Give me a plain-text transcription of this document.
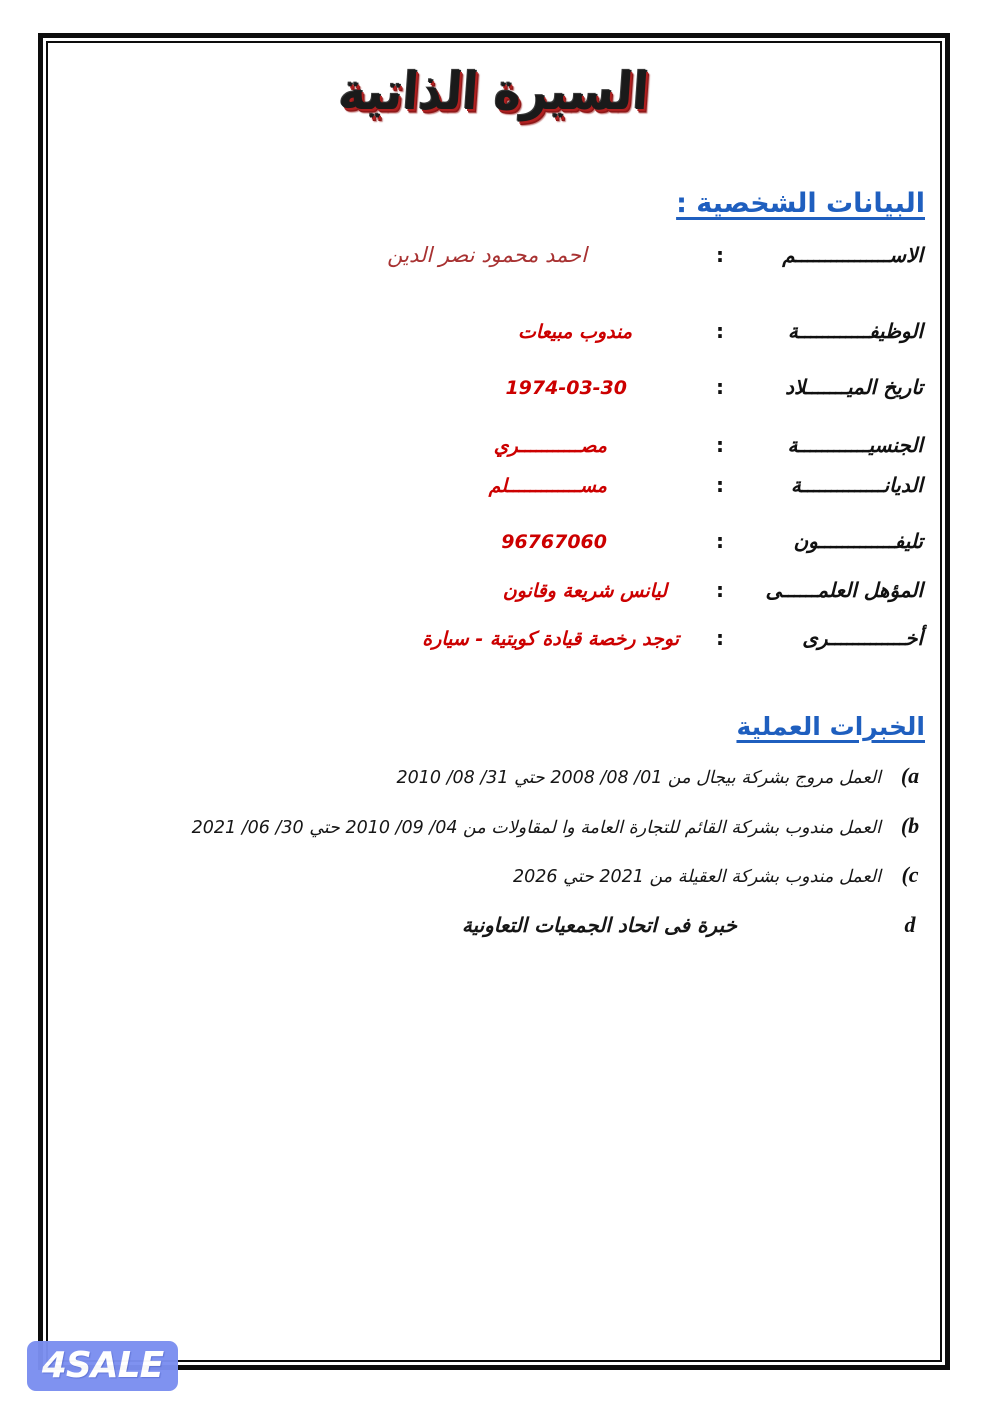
السيرة الذاتية
البيانات الشخصية :
الاســــــــــــــــم
:
احمد محمود نصر الدين
الوظيفــــــــــــة
:
مندوب مبيعات
تاريخ الميـــــــلاد
:
1974-03-30
الجنسيــــــــــــة
:
مصـــــــــــري
الديانــــــــــــــة
:
مســـــــــــــلم
تليفـــــــــــــون
:
96767060
المؤهل العلمــــــى
:
ليانس شريعة وقانون
أخـــــــــــــرى
:
توجد رخصة قيادة كويتية - سيارة
الخبرات العملية
(a
العمل مروج بشركة بيجال من 01/ 08/ 2008 حتي 31/ 08/ 2010
(b
العمل مندوب بشركة القائم للتجارة العامة وا لمقاولات من 04/ 09/ 2010 حتي 30/ 06/ 2021
(c
العمل مندوب بشركة العقيلة من 2021 حتي 2026
d
خبرة فى اتحاد الجمعيات التعاونية
4SALE
